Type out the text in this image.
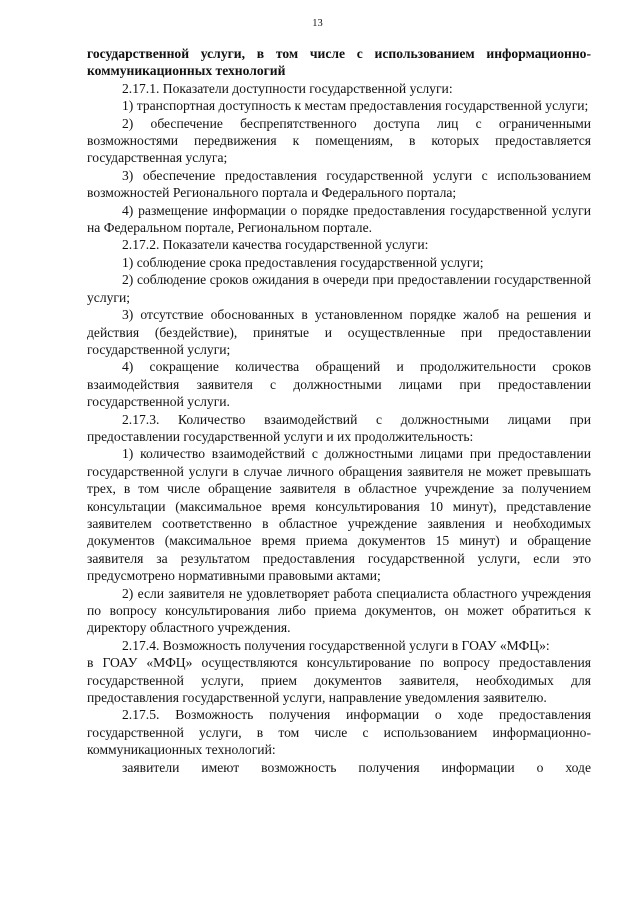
13

государственной услуги, в том числе с использованием информационно-коммуникационных технологий

2.17.1. Показатели доступности государственной услуги:

1) транспортная доступность к местам предоставления государственной услуги;

2) обеспечение беспрепятственного доступа лиц с ограниченными возможностями передвижения к помещениям, в которых предоставляется государственная услуга;

3) обеспечение предоставления государственной услуги с использованием возможностей Регионального портала и Федерального портала;

4) размещение информации о порядке предоставления государственной услуги на Федеральном портале, Региональном портале.

2.17.2. Показатели качества государственной услуги:

1) соблюдение срока предоставления государственной услуги;

2) соблюдение сроков ожидания в очереди при предоставлении государственной услуги;

3) отсутствие обоснованных в установленном порядке жалоб на решения и действия (бездействие), принятые и осуществленные при предоставлении государственной услуги;

4) сокращение количества обращений и продолжительности сроков взаимодействия заявителя с должностными лицами при предоставлении государственной услуги.

2.17.3. Количество взаимодействий с должностными лицами при предоставлении государственной услуги и их продолжительность:

1) количество взаимодействий с должностными лицами при предоставлении государственной услуги в случае личного обращения заявителя не может превышать трех, в том числе обращение заявителя в областное учреждение за получением консультации (максимальное время консультирования 10 минут), представление заявителем соответственно в областное учреждение заявления и необходимых документов (максимальное время приема документов 15 минут) и обращение заявителя за результатом предоставления государственной услуги, если это предусмотрено нормативными правовыми актами;

2) если заявителя не удовлетворяет работа специалиста областного учреждения по вопросу консультирования либо приема документов, он может обратиться к директору областного учреждения.

2.17.4. Возможность получения государственной услуги в ГОАУ «МФЦ»:

в ГОАУ «МФЦ» осуществляются консультирование по вопросу предоставления государственной услуги, прием документов заявителя, необходимых для предоставления государственной услуги, направление уведомления заявителю.

2.17.5. Возможность получения информации о ходе предоставления государственной услуги, в том числе с использованием информационно-коммуникационных технологий:

заявители имеют возможность получения информации о ходе
